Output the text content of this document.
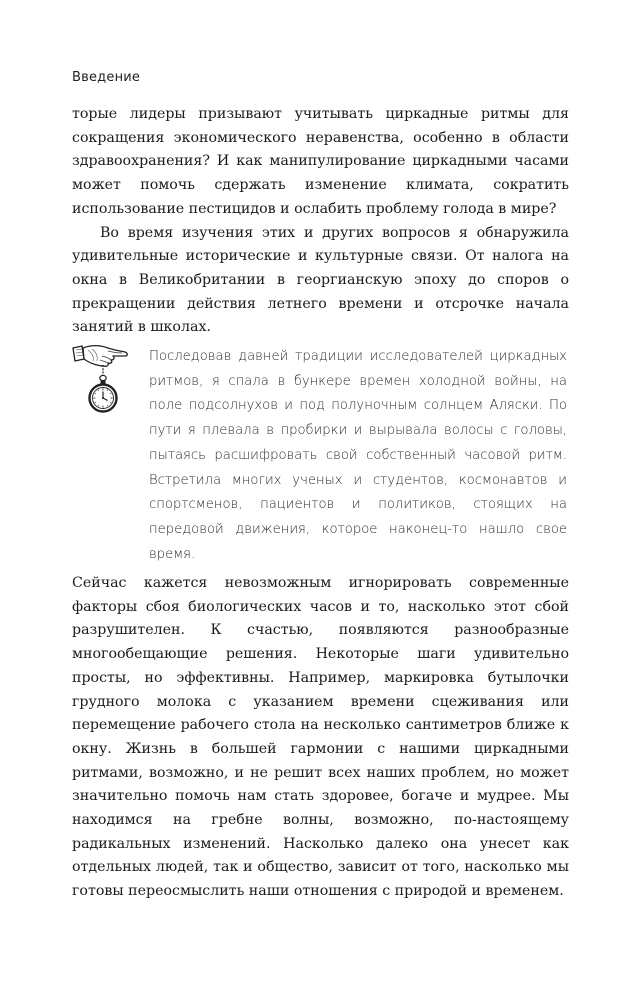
Введение

торые лидеры призывают учитывать циркадные ритмы для сокращения экономического неравенства, особенно в области здравоохранения? И как манипулирование циркадными часами может помочь сдержать изменение климата, сократить использование пестицидов и ослабить проблему голода в мире?

Во время изучения этих и других вопросов я обнаружила удивительные исторические и культурные связи. От налога на окна в Великобритании в георгианскую эпоху до споров о прекращении действия летнего времени и отсрочке начала занятий в школах.

Последовав давней традиции исследователей циркадных ритмов, я спала в бункере времен холодной войны, на поле подсолнухов и под полуночным солнцем Аляски. По пути я плевала в пробирки и вырывала волосы с головы, пытаясь расшифровать свой собственный часовой ритм. Встретила многих ученых и студентов, космонавтов и спортсменов, пациентов и политиков, стоящих на передовой движения, которое наконец-то нашло свое время.

Сейчас кажется невозможным игнорировать современные факторы сбоя биологических часов и то, насколько этот сбой разрушителен. К счастью, появляются разнообразные многообещающие решения. Некоторые шаги удивительно просты, но эффективны. Например, маркировка бутылочки грудного молока с указанием времени сцеживания или перемещение рабочего стола на несколько сантиметров ближе к окну. Жизнь в большей гармонии с нашими циркадными ритмами, возможно, и не решит всех наших проблем, но может значительно помочь нам стать здоровее, богаче и мудрее. Мы находимся на гребне волны, возможно, по-настоящему радикальных изменений. Насколько далеко она унесет как отдельных людей, так и общество, зависит от того, насколько мы готовы переосмыслить наши отношения с природой и временем.
